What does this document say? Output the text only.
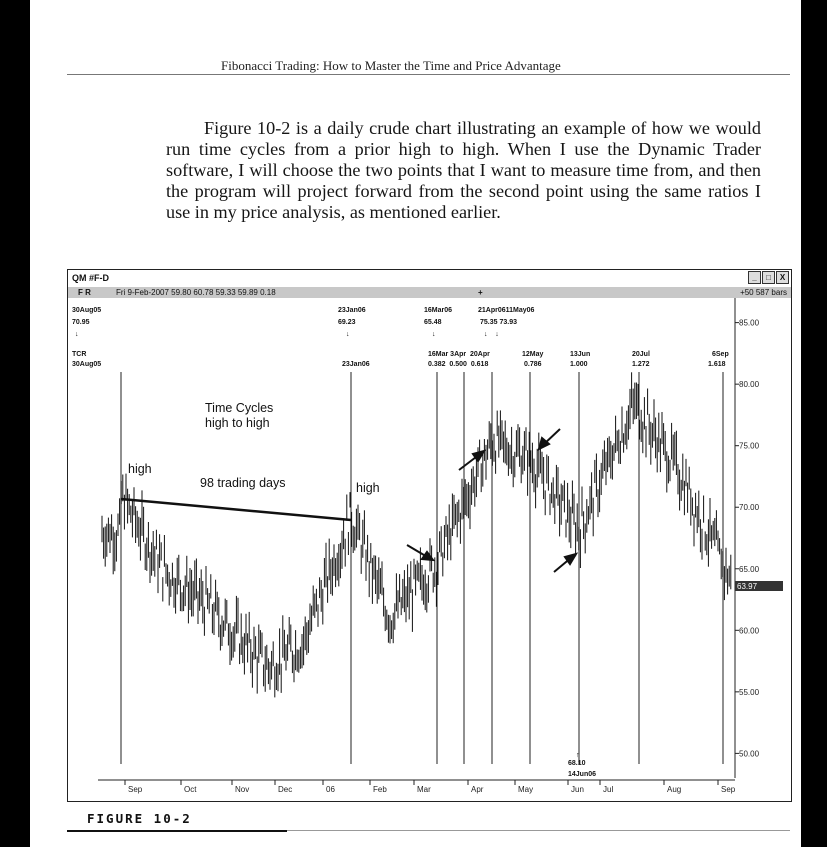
Fibonacci Trading: How to Master the Time and Price Advantage
Figure 10-2 is a daily crude chart illustrating an example of how we would run time cycles from a prior high to high. When I use the Dynamic Trader software, I will choose the two points that I want to measure time from, and then the program will project forward from the second point using the same ratios I use in my price analysis, as mentioned earlier.
QM #F-D	_	□	X
F R	Fri 9-Feb-2007 59.80 60.78 59.33 59.89 0.18	+	+50 587 bars
30Aug05
70.95
↓
23Jan06
69.23
↓
16Mar06
65.48
↓
21Apr0611May06
75.35 73.93
↓    ↓
TCR
30Aug05	23Jan06
16Mar 3Apr  20Apr
0.382  0.500  0.618
12May
0.786
13Jun
1.000
20Jul
1.272
6Sep
1.618
↑
68.10
14Jun06
85.00
80.00
75.00
70.00
65.00
60.00
55.00
50.00
63.97
Time Cycles
high to high
high
98 trading days	high
Sep	Oct	Nov	Dec	06	Feb	Mar	Apr	May	Jun Jul	Aug	Sep
FIGURE 10-2
